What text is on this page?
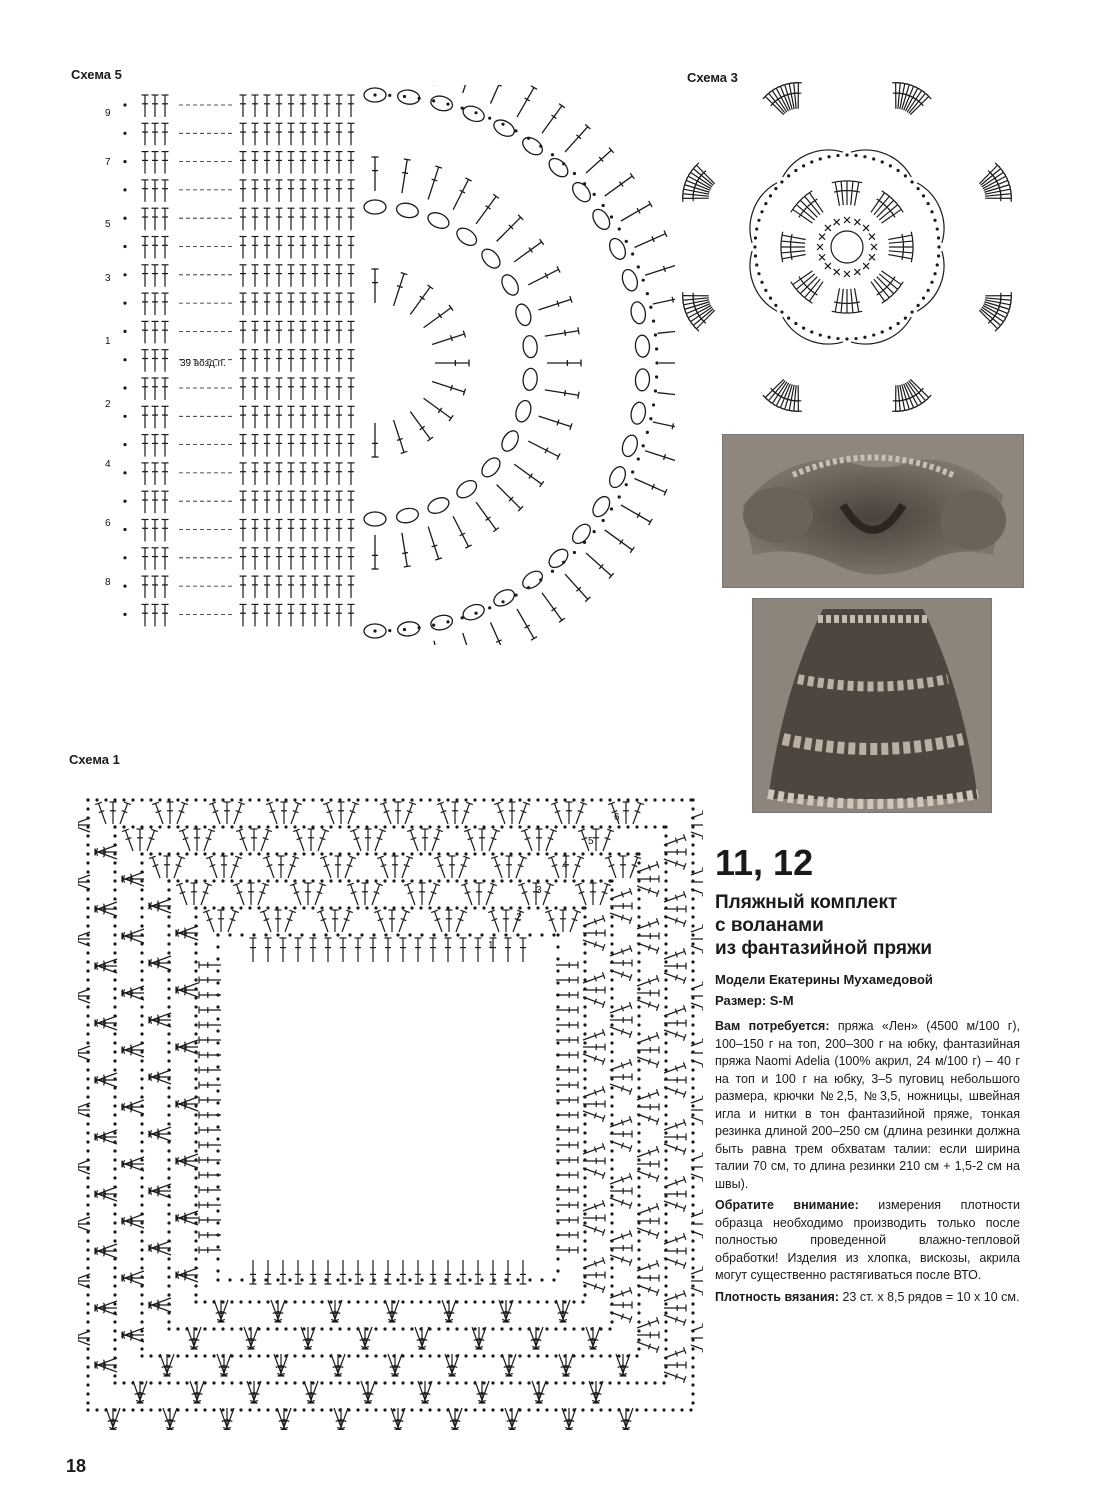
Схема 5	Схема 3
Схема 1
9
7
5
3
1
2
4
6
8
39 возд.п.
1
2
3
4
5
6
11, 12
Пляжный комплект
с воланами
из фантазийной пряжи
Модели Екатерины Мухамедовой
Размер: S-M

Вам потребуется: пряжа «Лен» (4500 м/100 г), 100–150 г на топ, 200–300 г на юбку, фантазийная пряжа Naomi Adelia (100% акрил, 24 м/100 г) – 40 г на топ и 100 г на юбку, 3–5 пуговиц небольшого размера, крючки №2,5, №3,5, ножницы, швейная игла и нитки в тон фантазийной пряже, тонкая резинка длиной 200–250 см (длина резинки должна быть равна трем обхватам талии: если ширина талии 70 см, то длина резинки 210 см + 1,5-2 см на швы).

Обратите внимание: измерения плотности образца необходимо производить только после полностью проведенной влажно-тепловой обработки! Изделия из хлопка, вискозы, акрила могут существенно растягиваться после ВТО.

Плотность вязания: 23 ст. х 8,5 рядов = 10 х 10 см.

18
